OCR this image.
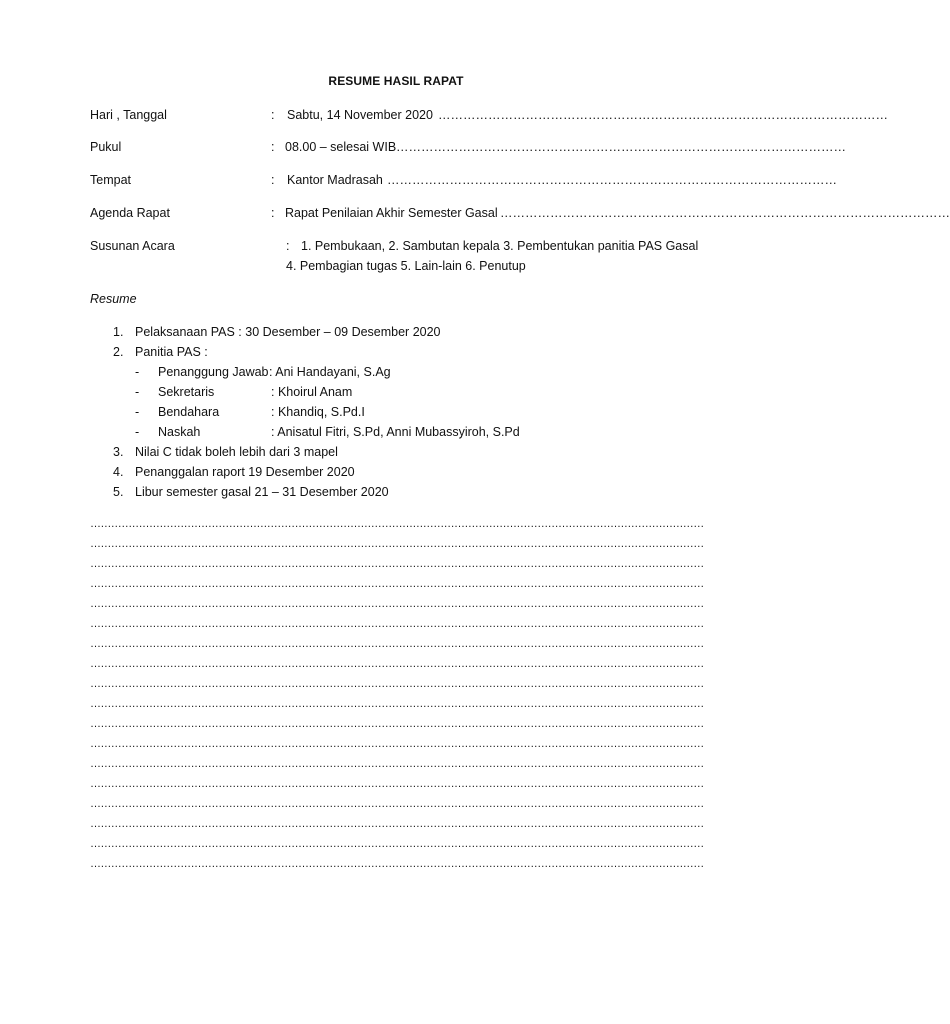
RESUME HASIL RAPAT
Hari , Tanggal	: Sabtu, 14 November 2020 ………………………………………………………………………………………………
Pukul	: 08.00 – selesai WIB ………………………………………………………………………………………………
Tempat	: Kantor Madrasah ………………………………………………………………………………………………
Agenda Rapat	: Rapat Penilaian Akhir Semester Gasal ………………………………………………………………………………………………
Susunan Acara	: 1. Pembukaan, 2. Sambutan kepala 3. Pembentukan panitia PAS Gasal
4. Pembagian tugas 5. Lain-lain 6. Penutup
Resume
1. Pelaksanaan PAS : 30 Desember – 09 Desember 2020
2. Panitia PAS :
- Penanggung Jawab: Ani Handayani, S.Ag
- Sekretaris	: Khoirul Anam
- Bendahara	: Khandiq, S.Pd.I
- Naskah	: Anisatul Fitri, S.Pd, Anni Mubassyiroh, S.Pd
3. Nilai C tidak boleh lebih dari 3 mapel
4. Penanggalan raport 19 Desember 2020
5. Libur semester gasal 21 – 31 Desember 2020
……………………………………………………………………………………………………………………………………………………………
……………………………………………………………………………………………………………………………………………………………
……………………………………………………………………………………………………………………………………………………………
……………………………………………………………………………………………………………………………………………………………
……………………………………………………………………………………………………………………………………………………………
……………………………………………………………………………………………………………………………………………………………
……………………………………………………………………………………………………………………………………………………………
……………………………………………………………………………………………………………………………………………………………
……………………………………………………………………………………………………………………………………………………………
……………………………………………………………………………………………………………………………………………………………
……………………………………………………………………………………………………………………………………………………………
……………………………………………………………………………………………………………………………………………………………
……………………………………………………………………………………………………………………………………………………………
……………………………………………………………………………………………………………………………………………………………
……………………………………………………………………………………………………………………………………………………………
……………………………………………………………………………………………………………………………………………………………
……………………………………………………………………………………………………………………………………………………………
……………………………………………………………………………………………………………………………………………………………
